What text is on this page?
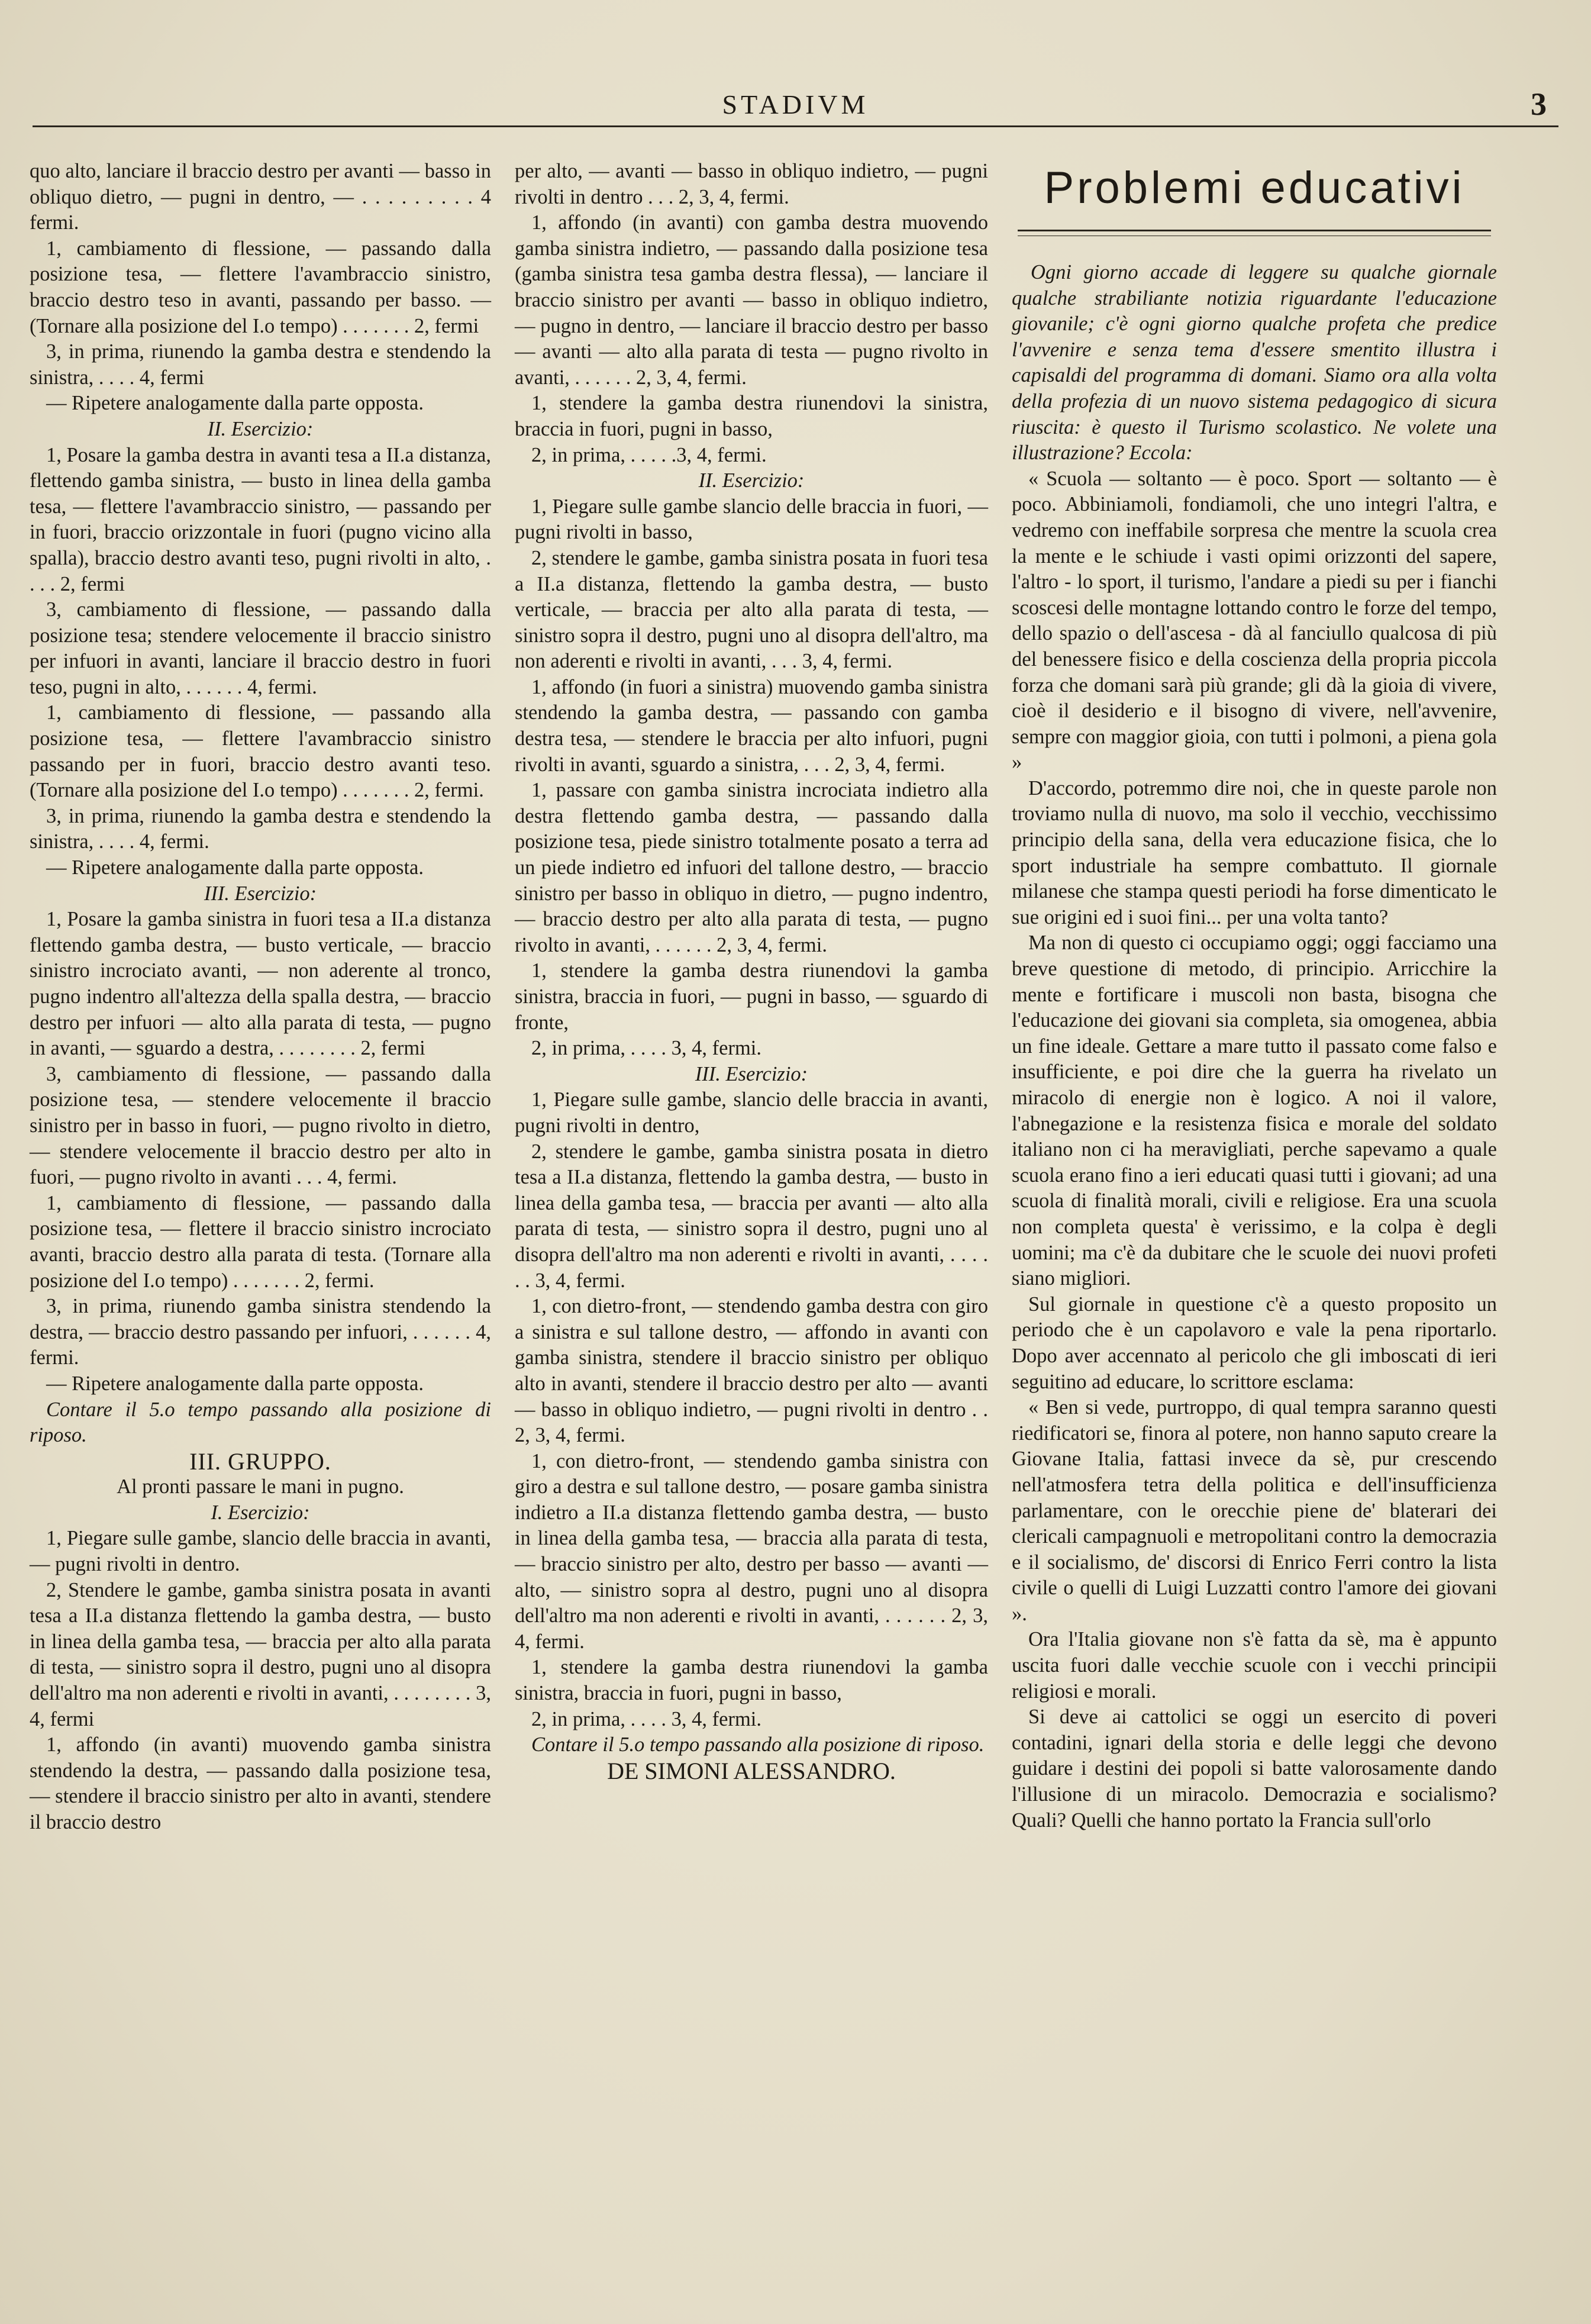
STADIVM	3

quo alto, lanciare il braccio destro per avanti — basso in obliquo dietro, — pugni in dentro, — . . . . . . . . . 4 fermi.

1, cambiamento di flessione, — passando dalla posizione tesa, — flettere l'avambraccio sinistro, braccio destro teso in avanti, passando per basso. — (Tornare alla posizione del I.o tempo) . . . . . . . 2, fermi

3, in prima, riunendo la gamba destra e stendendo la sinistra, . . . . 4, fermi

— Ripetere analogamente dalla parte opposta.

II. Esercizio:

1, Posare la gamba destra in avanti tesa a II.a distanza, flettendo gamba sinistra, — busto in linea della gamba tesa, — flettere l'avambraccio sinistro, — passando per in fuori, braccio orizzontale in fuori (pugno vicino alla spalla), braccio destro avanti teso, pugni rivolti in alto, . . . . 2, fermi

3, cambiamento di flessione, — passando dalla posizione tesa; stendere velocemente il braccio sinistro per infuori in avanti, lanciare il braccio destro in fuori teso, pugni in alto, . . . . . . 4, fermi.

1, cambiamento di flessione, — passando alla posizione tesa, — flettere l'avambraccio sinistro passando per in fuori, braccio destro avanti teso. (Tornare alla posizione del I.o tempo) . . . . . . . 2, fermi.

3, in prima, riunendo la gamba destra e stendendo la sinistra, . . . . 4, fermi.

— Ripetere analogamente dalla parte opposta.

III. Esercizio:

1, Posare la gamba sinistra in fuori tesa a II.a distanza flettendo gamba destra, — busto verticale, — braccio sinistro incrociato avanti, — non aderente al tronco, pugno indentro all'altezza della spalla destra, — braccio destro per infuori — alto alla parata di testa, — pugno in avanti, — sguardo a destra, . . . . . . . . 2, fermi

3, cambiamento di flessione, — passando dalla posizione tesa, — stendere velocemente il braccio sinistro per in basso in fuori, — pugno rivolto in dietro, — stendere velocemente il braccio destro per alto in fuori, — pugno rivolto in avanti . . . 4, fermi.

1, cambiamento di flessione, — passando dalla posizione tesa, — flettere il braccio sinistro incrociato avanti, braccio destro alla parata di testa. (Tornare alla posizione del I.o tempo) . . . . . . . 2, fermi.

3, in prima, riunendo gamba sinistra stendendo la destra, — braccio destro passando per infuori, . . . . . . 4, fermi.

— Ripetere analogamente dalla parte opposta.

Contare il 5.o tempo passando alla posizione di riposo.

III. GRUPPO.

Al pronti passare le mani in pugno.

I. Esercizio:

1, Piegare sulle gambe, slancio delle braccia in avanti, — pugni rivolti in dentro.

2, Stendere le gambe, gamba sinistra posata in avanti tesa a II.a distanza flettendo la gamba destra, — busto in linea della gamba tesa, — braccia per alto alla parata di testa, — sinistro sopra il destro, pugni uno al disopra dell'altro ma non aderenti e rivolti in avanti, . . . . . . . . 3, 4, fermi

1, affondo (in avanti) muovendo gamba sinistra stendendo la destra, — passando dalla posizione tesa, — stendere il braccio sinistro per alto in avanti, stendere il braccio destro

per alto, — avanti — basso in obliquo indietro, — pugni rivolti in dentro . . . 2, 3, 4, fermi.

1, affondo (in avanti) con gamba destra muovendo gamba sinistra indietro, — passando dalla posizione tesa (gamba sinistra tesa gamba destra flessa), — lanciare il braccio sinistro per avanti — basso in obliquo indietro, — pugno in dentro, — lanciare il braccio destro per basso — avanti — alto alla parata di testa — pugno rivolto in avanti, . . . . . . 2, 3, 4, fermi.

1, stendere la gamba destra riunendovi la sinistra, braccia in fuori, pugni in basso,

2, in prima, . . . . .3, 4, fermi.

II. Esercizio:

1, Piegare sulle gambe slancio delle braccia in fuori, — pugni rivolti in basso,

2, stendere le gambe, gamba sinistra posata in fuori tesa a II.a distanza, flettendo la gamba destra, — busto verticale, — braccia per alto alla parata di testa, — sinistro sopra il destro, pugni uno al disopra dell'altro, ma non aderenti e rivolti in avanti, . . . 3, 4, fermi.

1, affondo (in fuori a sinistra) muovendo gamba sinistra stendendo la gamba destra, — passando con gamba destra tesa, — stendere le braccia per alto infuori, pugni rivolti in avanti, sguardo a sinistra, . . . 2, 3, 4, fermi.

1, passare con gamba sinistra incrociata indietro alla destra flettendo gamba destra, — passando dalla posizione tesa, piede sinistro totalmente posato a terra ad un piede indietro ed infuori del tallone destro, — braccio sinistro per basso in obliquo in dietro, — pugno indentro, — braccio destro per alto alla parata di testa, — pugno rivolto in avanti, . . . . . . 2, 3, 4, fermi.

1, stendere la gamba destra riunendovi la gamba sinistra, braccia in fuori, — pugni in basso, — sguardo di fronte,

2, in prima, . . . . 3, 4, fermi.

III. Esercizio:

1, Piegare sulle gambe, slancio delle braccia in avanti, pugni rivolti in dentro,

2, stendere le gambe, gamba sinistra posata in dietro tesa a II.a distanza, flettendo la gamba destra, — busto in linea della gamba tesa, — braccia per avanti — alto alla parata di testa, — sinistro sopra il destro, pugni uno al disopra dell'altro ma non aderenti e rivolti in avanti, . . . . . . 3, 4, fermi.

1, con dietro-front, — stendendo gamba destra con giro a sinistra e sul tallone destro, — affondo in avanti con gamba sinistra, stendere il braccio sinistro per obliquo alto in avanti, stendere il braccio destro per alto — avanti — basso in obliquo indietro, — pugni rivolti in dentro . . 2, 3, 4, fermi.

1, con dietro-front, — stendendo gamba sinistra con giro a destra e sul tallone destro, — posare gamba sinistra indietro a II.a distanza flettendo gamba destra, — busto in linea della gamba tesa, — braccia alla parata di testa, — braccio sinistro per alto, destro per basso — avanti — alto, — sinistro sopra al destro, pugni uno al disopra dell'altro ma non aderenti e rivolti in avanti, . . . . . . 2, 3, 4, fermi.

1, stendere la gamba destra riunendovi la gamba sinistra, braccia in fuori, pugni in basso,

2, in prima, . . . . 3, 4, fermi.

Contare il 5.o tempo passando alla posizione di riposo.

DE SIMONI ALESSANDRO.

Problemi educativi

Ogni giorno accade di leggere su qualche giornale qualche strabiliante notizia riguardante l'educazione giovanile; c'è ogni giorno qualche profeta che predice l'avvenire e senza tema d'essere smentito illustra i capisaldi del programma di domani. Siamo ora alla volta della profezia di un nuovo sistema pedagogico di sicura riuscita: è questo il Turismo scolastico. Ne volete una illustrazione? Eccola:

« Scuola — soltanto — è poco. Sport — soltanto — è poco. Abbiniamoli, fondiamoli, che uno integri l'altra, e vedremo con ineffabile sorpresa che mentre la scuola crea la mente e le schiude i vasti opimi orizzonti del sapere, l'altro - lo sport, il turismo, l'andare a piedi su per i fianchi scoscesi delle montagne lottando contro le forze del tempo, dello spazio o dell'ascesa - dà al fanciullo qualcosa di più del benessere fisico e della coscienza della propria piccola forza che domani sarà più grande; gli dà la gioia di vivere, cioè il desiderio e il bisogno di vivere, nell'avvenire, sempre con maggior gioia, con tutti i polmoni, a piena gola »

D'accordo, potremmo dire noi, che in queste parole non troviamo nulla di nuovo, ma solo il vecchio, vecchissimo principio della sana, della vera educazione fisica, che lo sport industriale ha sempre combattuto. Il giornale milanese che stampa questi periodi ha forse dimenticato le sue origini ed i suoi fini... per una volta tanto?

Ma non di questo ci occupiamo oggi; oggi facciamo una breve questione di metodo, di principio. Arricchire la mente e fortificare i muscoli non basta, bisogna che l'educazione dei giovani sia completa, sia omogenea, abbia un fine ideale. Gettare a mare tutto il passato come falso e insufficiente, e poi dire che la guerra ha rivelato un miracolo di energie non è logico. A noi il valore, l'abnegazione e la resistenza fisica e morale del soldato italiano non ci ha meravigliati, perche sapevamo a quale scuola erano fino a ieri educati quasi tutti i giovani; ad una scuola di finalità morali, civili e religiose. Era una scuola non completa questa' è verissimo, e la colpa è degli uomini; ma c'è da dubitare che le scuole dei nuovi profeti siano migliori.

Sul giornale in questione c'è a questo proposito un periodo che è un capolavoro e vale la pena riportarlo. Dopo aver accennato al pericolo che gli imboscati di ieri seguitino ad educare, lo scrittore esclama:

« Ben si vede, purtroppo, di qual tempra saranno questi riedificatori se, finora al potere, non hanno saputo creare la Giovane Italia, fattasi invece da sè, pur crescendo nell'atmosfera tetra della politica e dell'insufficienza parlamentare, con le orecchie piene de' blaterari dei clericali campagnuoli e metropolitani contro la democrazia e il socialismo, de' discorsi di Enrico Ferri contro la lista civile o quelli di Luigi Luzzatti contro l'amore dei giovani ».

Ora l'Italia giovane non s'è fatta da sè, ma è appunto uscita fuori dalle vecchie scuole con i vecchi principii religiosi e morali.

Si deve ai cattolici se oggi un esercito di poveri contadini, ignari della storia e delle leggi che devono guidare i destini dei popoli si batte valorosamente dando l'illusione di un miracolo. Democrazia e socialismo? Quali? Quelli che hanno portato la Francia sull'orlo
